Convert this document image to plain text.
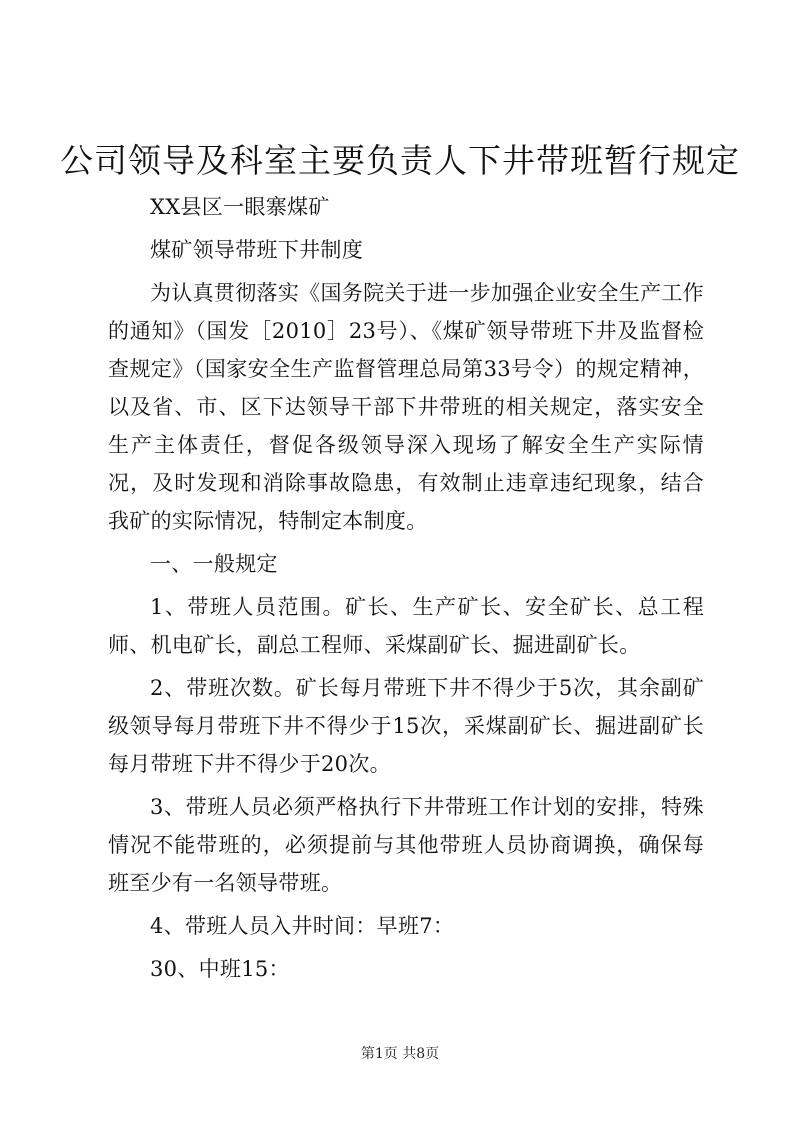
公司领导及科室主要负责人下井带班暂行规定

XX县区一眼寨煤矿

煤矿领导带班下井制度

为认真贯彻落实《国务院关于进一步加强企业安全生产工作的通知》（国发［2010］23号）、《煤矿领导带班下井及监督检查规定》（国家安全生产监督管理总局第33号令）的规定精神，以及省、市、区下达领导干部下井带班的相关规定，落实安全生产主体责任，督促各级领导深入现场了解安全生产实际情况，及时发现和消除事故隐患，有效制止违章违纪现象，结合我矿的实际情况，特制定本制度。

一、一般规定

1、带班人员范围。矿长、生产矿长、安全矿长、总工程师、机电矿长，副总工程师、采煤副矿长、掘进副矿长。

2、带班次数。矿长每月带班下井不得少于5次，其余副矿级领导每月带班下井不得少于15次，采煤副矿长、掘进副矿长每月带班下井不得少于20次。

3、带班人员必须严格执行下井带班工作计划的安排，特殊情况不能带班的，必须提前与其他带班人员协商调换，确保每班至少有一名领导带班。

4、带班人员入井时间：早班7：

30、中班15：

第1页 共8页
